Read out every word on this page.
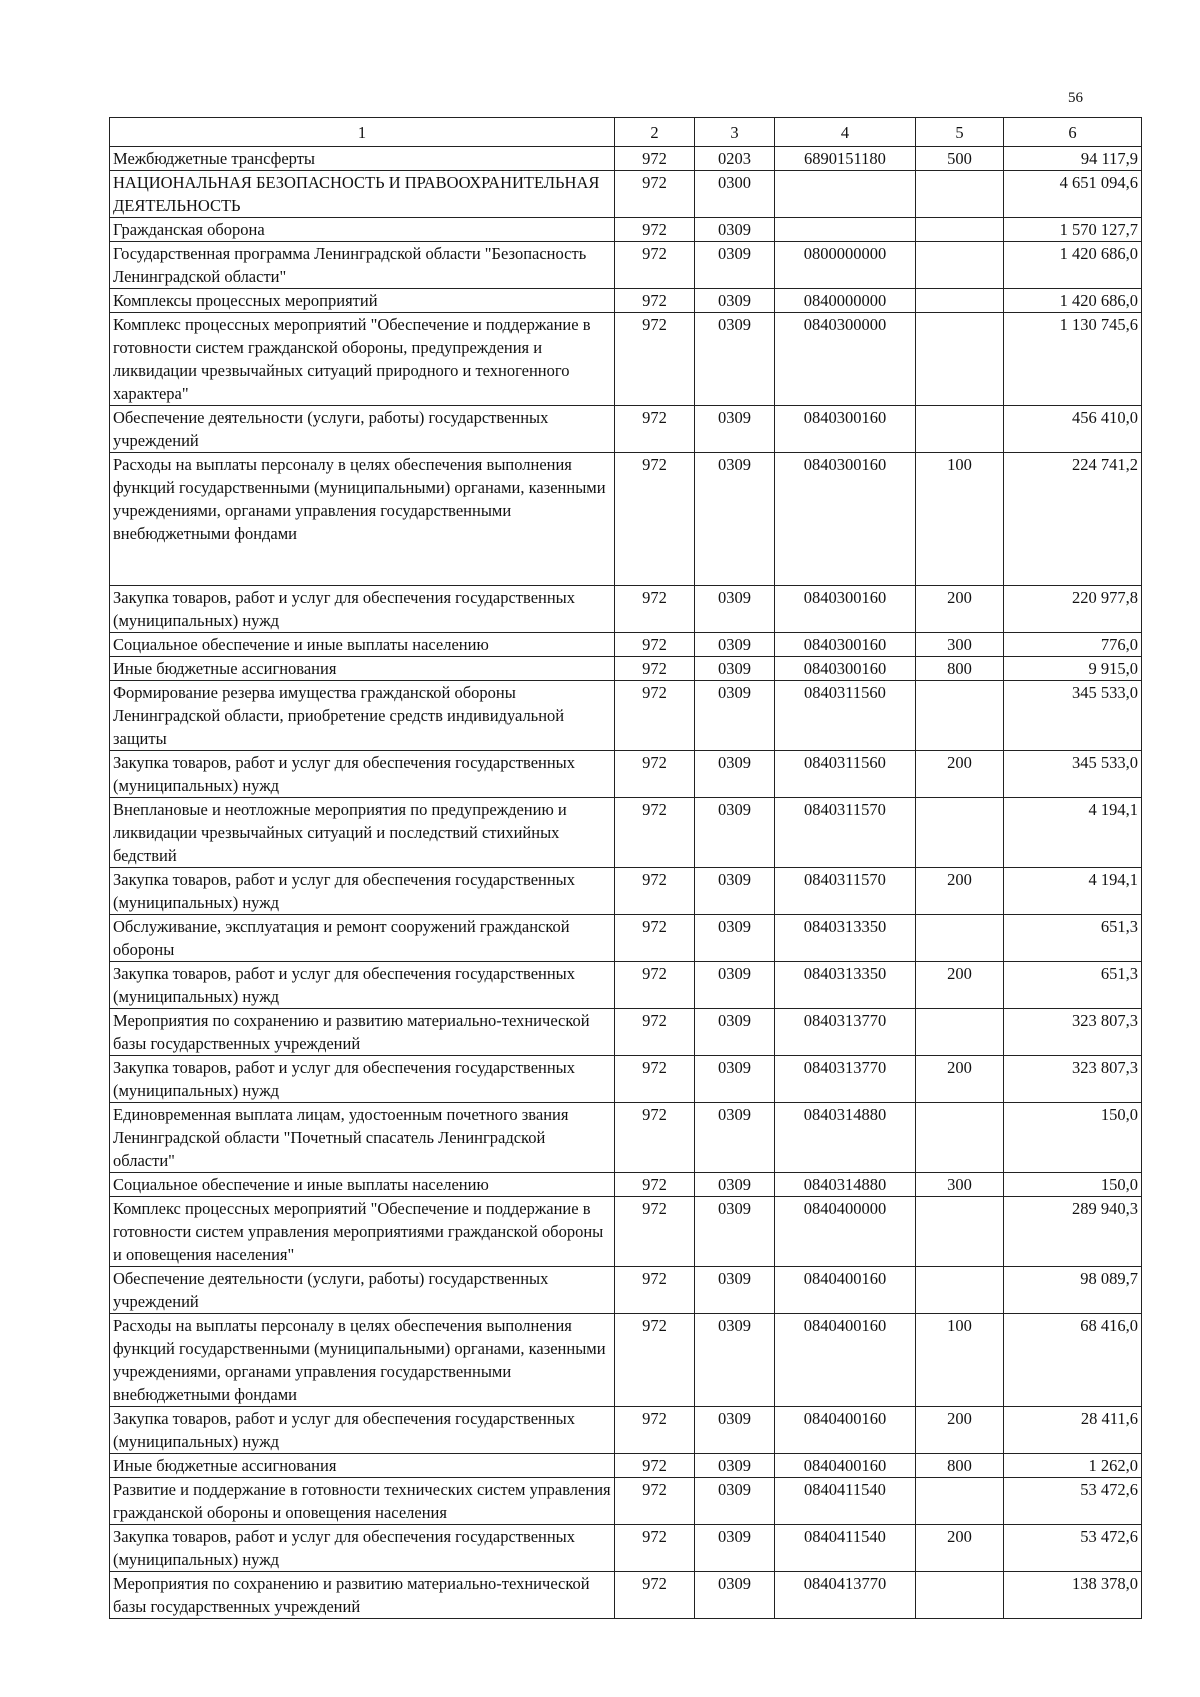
56
1	2	3	4	5	6
Межбюджетные трансферты	972	0203	6890151180	500	94 117,9
НАЦИОНАЛЬНАЯ БЕЗОПАСНОСТЬ И ПРАВООХРАНИТЕЛЬНАЯ ДЕЯТЕЛЬНОСТЬ	972	0300			4 651 094,6
Гражданская оборона	972	0309			1 570 127,7
Государственная программа Ленинградской области "Безопасность Ленинградской области"	972	0309	0800000000		1 420 686,0
Комплексы процессных мероприятий	972	0309	0840000000		1 420 686,0
Комплекс процессных мероприятий "Обеспечение и поддержание в готовности систем гражданской обороны, предупреждения и ликвидации чрезвычайных ситуаций природного и техногенного характера"	972	0309	0840300000		1 130 745,6
Обеспечение деятельности (услуги, работы) государственных учреждений	972	0309	0840300160		456 410,0
Расходы на выплаты персоналу в целях обеспечения выполнения функций государственными (муниципальными) органами, казенными учреждениями, органами управления государственными внебюджетными фондами	972	0309	0840300160	100	224 741,2
Закупка товаров, работ и услуг для обеспечения государственных (муниципальных) нужд	972	0309	0840300160	200	220 977,8
Социальное обеспечение и иные выплаты населению	972	0309	0840300160	300	776,0
Иные бюджетные ассигнования	972	0309	0840300160	800	9 915,0
Формирование резерва имущества гражданской обороны Ленинградской области, приобретение средств индивидуальной защиты	972	0309	0840311560		345 533,0
Закупка товаров, работ и услуг для обеспечения государственных (муниципальных) нужд	972	0309	0840311560	200	345 533,0
Внеплановые и неотложные мероприятия по предупреждению и ликвидации чрезвычайных ситуаций и последствий стихийных бедствий	972	0309	0840311570		4 194,1
Закупка товаров, работ и услуг для обеспечения государственных (муниципальных) нужд	972	0309	0840311570	200	4 194,1
Обслуживание, эксплуатация и ремонт сооружений гражданской обороны	972	0309	0840313350		651,3
Закупка товаров, работ и услуг для обеспечения государственных (муниципальных) нужд	972	0309	0840313350	200	651,3
Мероприятия по сохранению и развитию материально-технической базы государственных учреждений	972	0309	0840313770		323 807,3
Закупка товаров, работ и услуг для обеспечения государственных (муниципальных) нужд	972	0309	0840313770	200	323 807,3
Единовременная выплата лицам, удостоенным почетного звания Ленинградской области "Почетный спасатель Ленинградской области"	972	0309	0840314880		150,0
Социальное обеспечение и иные выплаты населению	972	0309	0840314880	300	150,0
Комплекс процессных мероприятий "Обеспечение и поддержание в готовности систем управления мероприятиями гражданской обороны и оповещения населения"	972	0309	0840400000		289 940,3
Обеспечение деятельности (услуги, работы) государственных учреждений	972	0309	0840400160		98 089,7
Расходы на выплаты персоналу в целях обеспечения выполнения функций государственными (муниципальными) органами, казенными учреждениями, органами управления государственными внебюджетными фондами	972	0309	0840400160	100	68 416,0
Закупка товаров, работ и услуг для обеспечения государственных (муниципальных) нужд	972	0309	0840400160	200	28 411,6
Иные бюджетные ассигнования	972	0309	0840400160	800	1 262,0
Развитие и поддержание в готовности технических систем управления гражданской обороны и оповещения населения	972	0309	0840411540		53 472,6
Закупка товаров, работ и услуг для обеспечения государственных (муниципальных) нужд	972	0309	0840411540	200	53 472,6
Мероприятия по сохранению и развитию материально-технической базы государственных учреждений	972	0309	0840413770		138 378,0
